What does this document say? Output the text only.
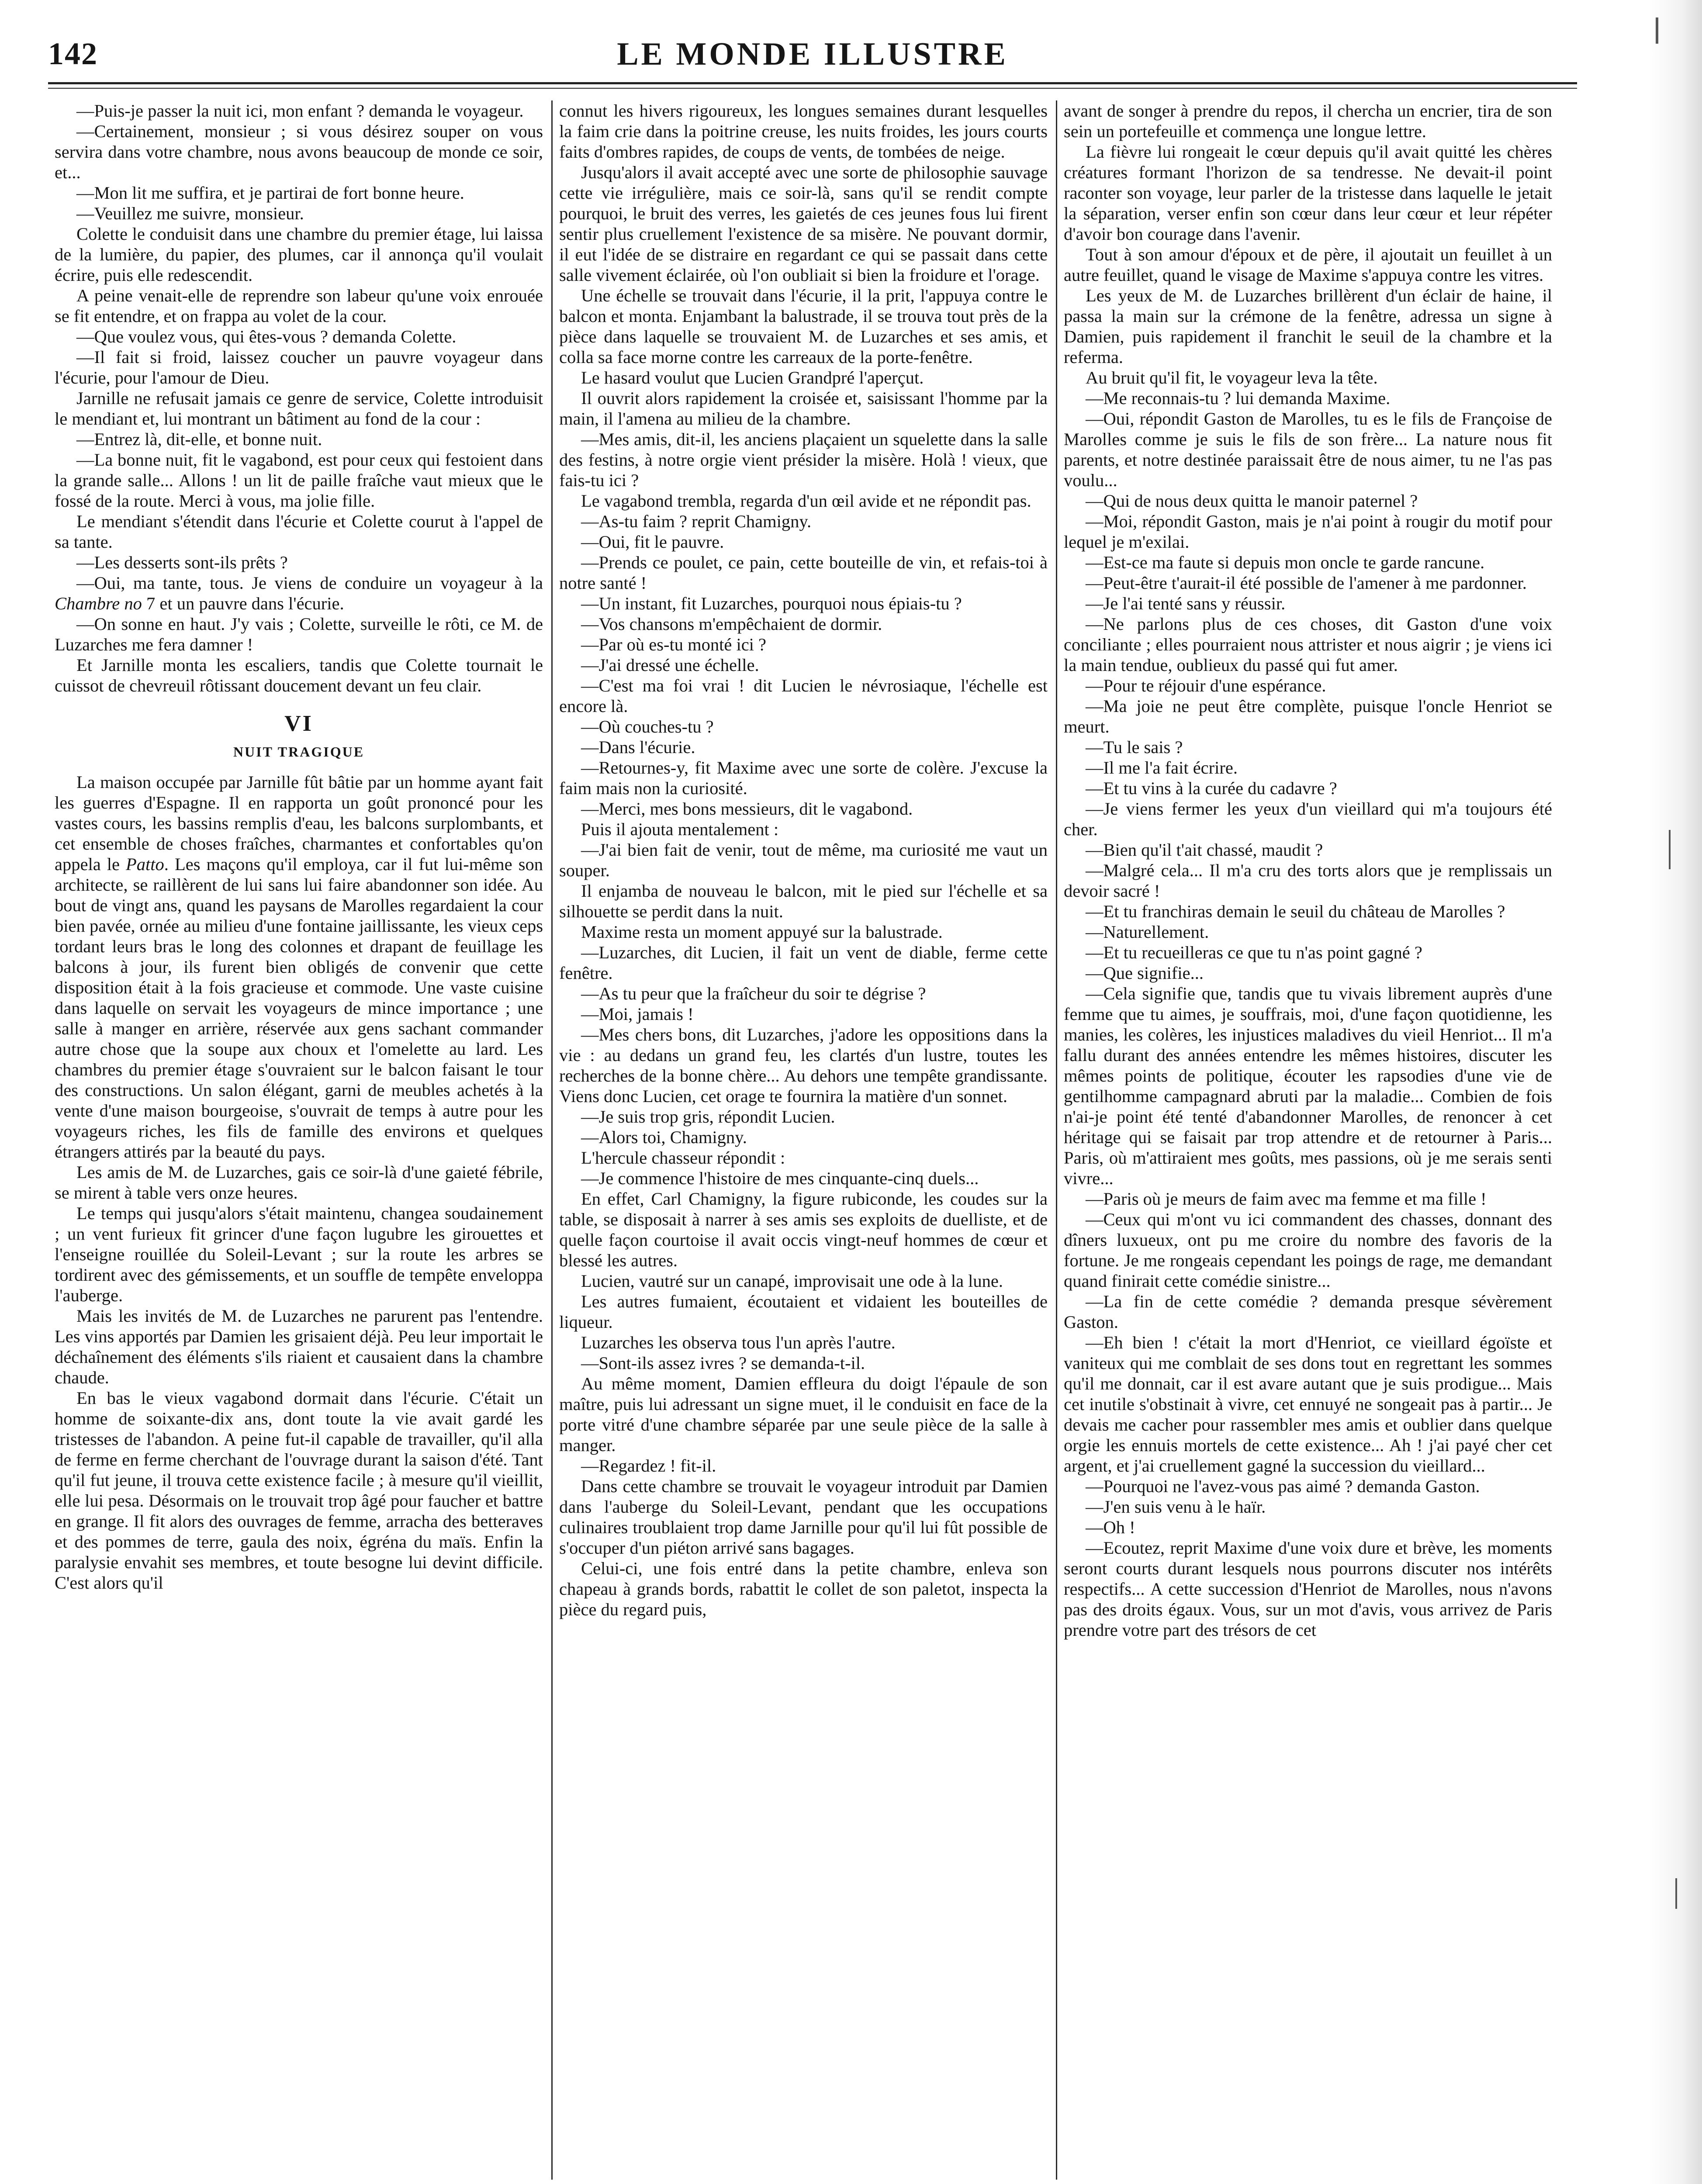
142	LE MONDE ILLUSTRE

—Puis-je passer la nuit ici, mon enfant ? demanda le voyageur.

—Certainement, monsieur ; si vous désirez souper on vous servira dans votre chambre, nous avons beaucoup de monde ce soir, et...

—Mon lit me suffira, et je partirai de fort bonne heure.

—Veuillez me suivre, monsieur.

Colette le conduisit dans une chambre du premier étage, lui laissa de la lumière, du papier, des plumes, car il annonça qu'il voulait écrire, puis elle redescendit.

A peine venait-elle de reprendre son labeur qu'une voix enrouée se fit entendre, et on frappa au volet de la cour.

—Que voulez vous, qui êtes-vous ? demanda Colette.

—Il fait si froid, laissez coucher un pauvre voyageur dans l'écurie, pour l'amour de Dieu.

Jarnille ne refusait jamais ce genre de service, Colette introduisit le mendiant et, lui montrant un bâtiment au fond de la cour :

—Entrez là, dit-elle, et bonne nuit.

—La bonne nuit, fit le vagabond, est pour ceux qui festoient dans la grande salle... Allons ! un lit de paille fraîche vaut mieux que le fossé de la route. Merci à vous, ma jolie fille.

Le mendiant s'étendit dans l'écurie et Colette courut à l'appel de sa tante.

—Les desserts sont-ils prêts ?

—Oui, ma tante, tous. Je viens de conduire un voyageur à la Chambre no 7 et un pauvre dans l'écurie.

—On sonne en haut. J'y vais ; Colette, surveille le rôti, ce M. de Luzarches me fera damner !

Et Jarnille monta les escaliers, tandis que Colette tournait le cuissot de chevreuil rôtissant doucement devant un feu clair.

VI
NUIT TRAGIQUE

La maison occupée par Jarnille fût bâtie par un homme ayant fait les guerres d'Espagne. Il en rapporta un goût prononcé pour les vastes cours, les bassins remplis d'eau, les balcons surplombants, et cet ensemble de choses fraîches, charmantes et confortables qu'on appela le Patto. Les maçons qu'il employa, car il fut lui-même son architecte, se raillèrent de lui sans lui faire abandonner son idée. Au bout de vingt ans, quand les paysans de Marolles regardaient la cour bien pavée, ornée au milieu d'une fontaine jaillissante, les vieux ceps tordant leurs bras le long des colonnes et drapant de feuillage les balcons à jour, ils furent bien obligés de convenir que cette disposition était à la fois gracieuse et commode. Une vaste cuisine dans laquelle on servait les voyageurs de mince importance ; une salle à manger en arrière, réservée aux gens sachant commander autre chose que la soupe aux choux et l'omelette au lard. Les chambres du premier étage s'ouvraient sur le balcon faisant le tour des constructions. Un salon élégant, garni de meubles achetés à la vente d'une maison bourgeoise, s'ouvrait de temps à autre pour les voyageurs riches, les fils de famille des environs et quelques étrangers attirés par la beauté du pays.

Les amis de M. de Luzarches, gais ce soir-là d'une gaieté fébrile, se mirent à table vers onze heures.

Le temps qui jusqu'alors s'était maintenu, changea soudainement ; un vent furieux fit grincer d'une façon lugubre les girouettes et l'enseigne rouillée du Soleil-Levant ; sur la route les arbres se tordirent avec des gémissements, et un souffle de tempête enveloppa l'auberge.

Mais les invités de M. de Luzarches ne parurent pas l'entendre. Les vins apportés par Damien les grisaient déjà. Peu leur importait le déchaînement des éléments s'ils riaient et causaient dans la chambre chaude.

En bas le vieux vagabond dormait dans l'écurie. C'était un homme de soixante-dix ans, dont toute la vie avait gardé les tristesses de l'abandon. A peine fut-il capable de travailler, qu'il alla de ferme en ferme cherchant de l'ouvrage durant la saison d'été. Tant qu'il fut jeune, il trouva cette existence facile ; à mesure qu'il vieillit, elle lui pesa. Désormais on le trouvait trop âgé pour faucher et battre en grange. Il fit alors des ouvrages de femme, arracha des betteraves et des pommes de terre, gaula des noix, égréna du maïs. Enfin la paralysie envahit ses membres, et toute besogne lui devint difficile. C'est alors qu'il

connut les hivers rigoureux, les longues semaines durant lesquelles la faim crie dans la poitrine creuse, les nuits froides, les jours courts faits d'ombres rapides, de coups de vents, de tombées de neige.

Jusqu'alors il avait accepté avec une sorte de philosophie sauvage cette vie irrégulière, mais ce soir-là, sans qu'il se rendit compte pourquoi, le bruit des verres, les gaietés de ces jeunes fous lui firent sentir plus cruellement l'existence de sa misère. Ne pouvant dormir, il eut l'idée de se distraire en regardant ce qui se passait dans cette salle vivement éclairée, où l'on oubliait si bien la froidure et l'orage.

Une échelle se trouvait dans l'écurie, il la prit, l'appuya contre le balcon et monta. Enjambant la balustrade, il se trouva tout près de la pièce dans laquelle se trouvaient M. de Luzarches et ses amis, et colla sa face morne contre les carreaux de la porte-fenêtre.

Le hasard voulut que Lucien Grandpré l'aperçut.

Il ouvrit alors rapidement la croisée et, saisissant l'homme par la main, il l'amena au milieu de la chambre.

—Mes amis, dit-il, les anciens plaçaient un squelette dans la salle des festins, à notre orgie vient présider la misère. Holà ! vieux, que fais-tu ici ?

Le vagabond trembla, regarda d'un œil avide et ne répondit pas.

—As-tu faim ? reprit Chamigny.

—Oui, fit le pauvre.

—Prends ce poulet, ce pain, cette bouteille de vin, et refais-toi à notre santé !

—Un instant, fit Luzarches, pourquoi nous épiais-tu ?

—Vos chansons m'empêchaient de dormir.

—Par où es-tu monté ici ?

—J'ai dressé une échelle.

—C'est ma foi vrai ! dit Lucien le névrosiaque, l'échelle est encore là.

—Où couches-tu ?

—Dans l'écurie.

—Retournes-y, fit Maxime avec une sorte de colère. J'excuse la faim mais non la curiosité.

—Merci, mes bons messieurs, dit le vagabond.

Puis il ajouta mentalement :

—J'ai bien fait de venir, tout de même, ma curiosité me vaut un souper.

Il enjamba de nouveau le balcon, mit le pied sur l'échelle et sa silhouette se perdit dans la nuit.

Maxime resta un moment appuyé sur la balustrade.

—Luzarches, dit Lucien, il fait un vent de diable, ferme cette fenêtre.

—As tu peur que la fraîcheur du soir te dégrise ?

—Moi, jamais !

—Mes chers bons, dit Luzarches, j'adore les oppositions dans la vie : au dedans un grand feu, les clartés d'un lustre, toutes les recherches de la bonne chère... Au dehors une tempête grandissante. Viens donc Lucien, cet orage te fournira la matière d'un sonnet.

—Je suis trop gris, répondit Lucien.

—Alors toi, Chamigny.

L'hercule chasseur répondit :

—Je commence l'histoire de mes cinquante-cinq duels...

En effet, Carl Chamigny, la figure rubiconde, les coudes sur la table, se disposait à narrer à ses amis ses exploits de duelliste, et de quelle façon courtoise il avait occis vingt-neuf hommes de cœur et blessé les autres.

Lucien, vautré sur un canapé, improvisait une ode à la lune.

Les autres fumaient, écoutaient et vidaient les bouteilles de liqueur.

Luzarches les observa tous l'un après l'autre.

—Sont-ils assez ivres ? se demanda-t-il.

Au même moment, Damien effleura du doigt l'épaule de son maître, puis lui adressant un signe muet, il le conduisit en face de la porte vitré d'une chambre séparée par une seule pièce de la salle à manger.

—Regardez ! fit-il.

Dans cette chambre se trouvait le voyageur introduit par Damien dans l'auberge du Soleil-Levant, pendant que les occupations culinaires troublaient trop dame Jarnille pour qu'il lui fût possible de s'occuper d'un piéton arrivé sans bagages.

Celui-ci, une fois entré dans la petite chambre, enleva son chapeau à grands bords, rabattit le collet de son paletot, inspecta la pièce du regard puis,

avant de songer à prendre du repos, il chercha un encrier, tira de son sein un portefeuille et commença une longue lettre.

La fièvre lui rongeait le cœur depuis qu'il avait quitté les chères créatures formant l'horizon de sa tendresse. Ne devait-il point raconter son voyage, leur parler de la tristesse dans laquelle le jetait la séparation, verser enfin son cœur dans leur cœur et leur répéter d'avoir bon courage dans l'avenir.

Tout à son amour d'époux et de père, il ajoutait un feuillet à un autre feuillet, quand le visage de Maxime s'appuya contre les vitres.

Les yeux de M. de Luzarches brillèrent d'un éclair de haine, il passa la main sur la crémone de la fenêtre, adressa un signe à Damien, puis rapidement il franchit le seuil de la chambre et la referma.

Au bruit qu'il fit, le voyageur leva la tête.

—Me reconnais-tu ? lui demanda Maxime.

—Oui, répondit Gaston de Marolles, tu es le fils de Françoise de Marolles comme je suis le fils de son frère... La nature nous fit parents, et notre destinée paraissait être de nous aimer, tu ne l'as pas voulu...

—Qui de nous deux quitta le manoir paternel ?

—Moi, répondit Gaston, mais je n'ai point à rougir du motif pour lequel je m'exilai.

—Est-ce ma faute si depuis mon oncle te garde rancune.

—Peut-être t'aurait-il été possible de l'amener à me pardonner.

—Je l'ai tenté sans y réussir.

—Ne parlons plus de ces choses, dit Gaston d'une voix conciliante ; elles pourraient nous attrister et nous aigrir ; je viens ici la main tendue, oublieux du passé qui fut amer.

—Pour te réjouir d'une espérance.

—Ma joie ne peut être complète, puisque l'oncle Henriot se meurt.

—Tu le sais ?

—Il me l'a fait écrire.

—Et tu vins à la curée du cadavre ?

—Je viens fermer les yeux d'un vieillard qui m'a toujours été cher.

—Bien qu'il t'ait chassé, maudit ?

—Malgré cela... Il m'a cru des torts alors que je remplissais un devoir sacré !

—Et tu franchiras demain le seuil du château de Marolles ?

—Naturellement.

—Et tu recueilleras ce que tu n'as point gagné ?

—Que signifie...

—Cela signifie que, tandis que tu vivais librement auprès d'une femme que tu aimes, je souffrais, moi, d'une façon quotidienne, les manies, les colères, les injustices maladives du vieil Henriot... Il m'a fallu durant des années entendre les mêmes histoires, discuter les mêmes points de politique, écouter les rapsodies d'une vie de gentilhomme campagnard abruti par la maladie... Combien de fois n'ai-je point été tenté d'abandonner Marolles, de renoncer à cet héritage qui se faisait par trop attendre et de retourner à Paris... Paris, où m'attiraient mes goûts, mes passions, où je me serais senti vivre...

—Paris où je meurs de faim avec ma femme et ma fille !

—Ceux qui m'ont vu ici commandent des chasses, donnant des dîners luxueux, ont pu me croire du nombre des favoris de la fortune. Je me rongeais cependant les poings de rage, me demandant quand finirait cette comédie sinistre...

—La fin de cette comédie ? demanda presque sévèrement Gaston.

—Eh bien ! c'était la mort d'Henriot, ce vieillard égoïste et vaniteux qui me comblait de ses dons tout en regrettant les sommes qu'il me donnait, car il est avare autant que je suis prodigue... Mais cet inutile s'obstinait à vivre, cet ennuyé ne songeait pas à partir... Je devais me cacher pour rassembler mes amis et oublier dans quelque orgie les ennuis mortels de cette existence... Ah ! j'ai payé cher cet argent, et j'ai cruellement gagné la succession du vieillard...

—Pourquoi ne l'avez-vous pas aimé ? demanda Gaston.

—J'en suis venu à le haïr.

—Oh !

—Ecoutez, reprit Maxime d'une voix dure et brève, les moments seront courts durant lesquels nous pourrons discuter nos intérêts respectifs... A cette succession d'Henriot de Marolles, nous n'avons pas des droits égaux. Vous, sur un mot d'avis, vous arrivez de Paris prendre votre part des trésors de cet
